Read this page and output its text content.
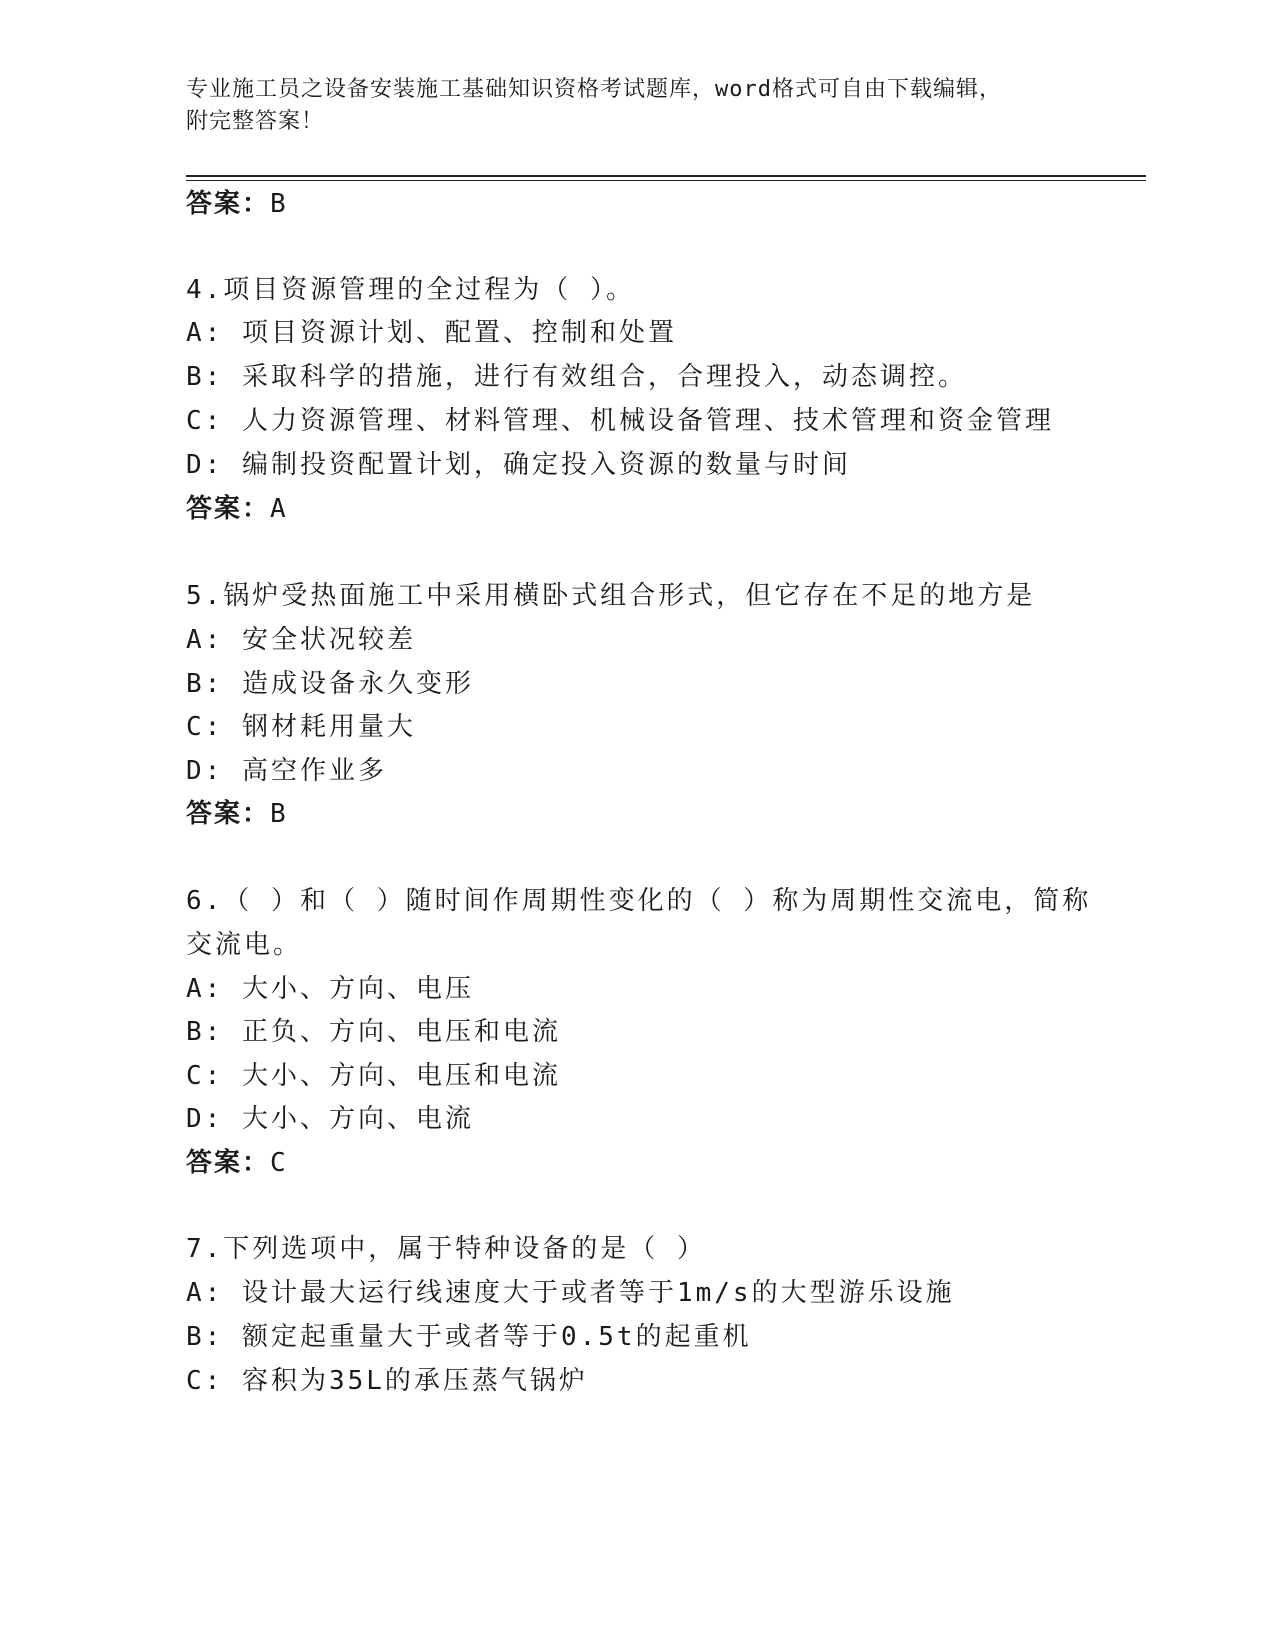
专业施工员之设备安装施工基础知识资格考试题库，word格式可自由下载编辑，
附完整答案！
答案：B
4.项目资源管理的全过程为（ ）。
A: 项目资源计划、配置、控制和处置
B: 采取科学的措施，进行有效组合，合理投入，动态调控。
C: 人力资源管理、材料管理、机械设备管理、技术管理和资金管理
D: 编制投资配置计划，确定投入资源的数量与时间
答案：A
5.锅炉受热面施工中采用横卧式组合形式，但它存在不足的地方是
A: 安全状况较差
B: 造成设备永久变形
C: 钢材耗用量大
D: 高空作业多
答案：B
6.（ ）和（ ）随时间作周期性变化的（ ）称为周期性交流电，简称
交流电。
A: 大小、方向、电压
B: 正负、方向、电压和电流
C: 大小、方向、电压和电流
D: 大小、方向、电流
答案：C
7.下列选项中，属于特种设备的是（ ）
A: 设计最大运行线速度大于或者等于1m/s的大型游乐设施
B: 额定起重量大于或者等于0.5t的起重机
C: 容积为35L的承压蒸气锅炉
